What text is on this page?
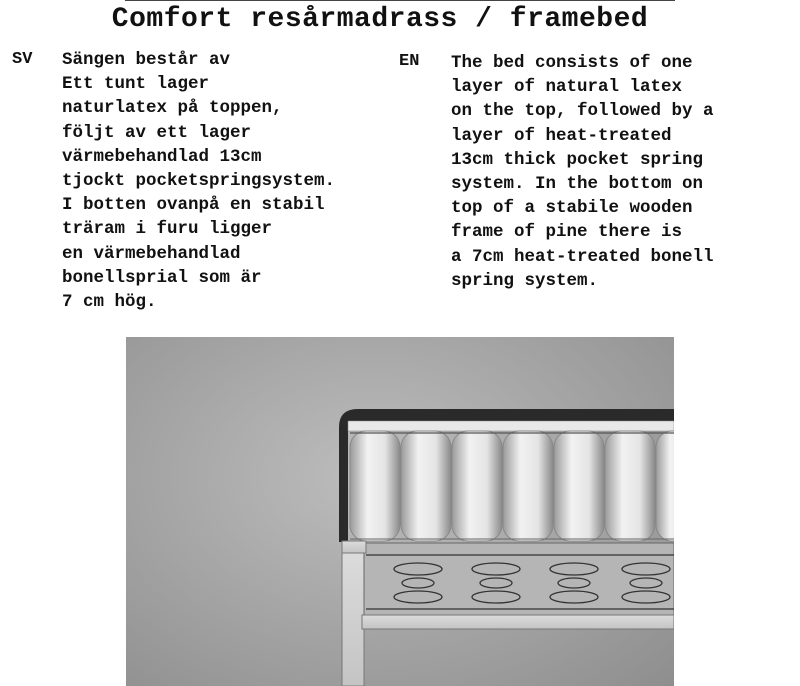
Comfort resårmadrass / framebed
SV Sängen består av
Ett tunt lager
naturlatex på toppen,
följt av ett lager
värmebehandlad 13cm
tjockt pocketspringsystem.
I botten ovanpå en stabil
träram i furu ligger
en värmebehandlad
bonellsprial som är
7 cm hög.
EN The bed consists of one
layer of natural latex
on the top, followed by a
layer of heat-treated
13cm thick pocket spring
system. In the bottom on
top of a stabile wooden
frame of pine there is
a 7cm heat-treated bonell
spring system.
